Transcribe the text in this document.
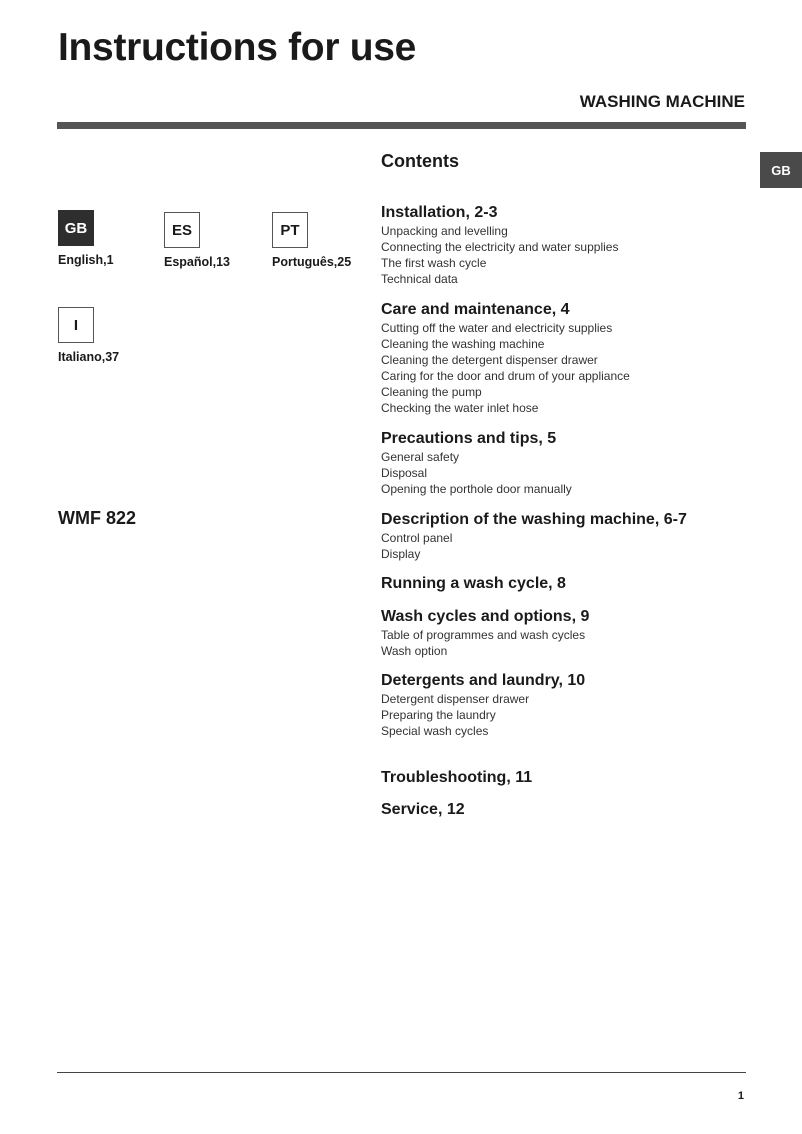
Instructions for use
WASHING MACHINE
GB
GB
English,1
ES
Español,13
PT
Português,25
I
Italiano,37
WMF 822
Contents
Installation, 2-3
Unpacking and levelling
Connecting the electricity and water supplies
The first wash cycle
Technical data
Care and maintenance, 4
Cutting off the water and electricity supplies
Cleaning the washing machine
Cleaning the detergent dispenser drawer
Caring for the door and drum of your appliance
Cleaning the pump
Checking the water inlet hose
Precautions and tips, 5
General safety
Disposal
Opening the porthole door manually
Description of the washing machine, 6-7
Control panel
Display
Running a wash cycle, 8
Wash cycles and options, 9
Table of programmes and wash cycles
Wash option
Detergents and laundry, 10
Detergent dispenser drawer
Preparing the laundry
Special wash cycles
Troubleshooting, 11
Service, 12
1
